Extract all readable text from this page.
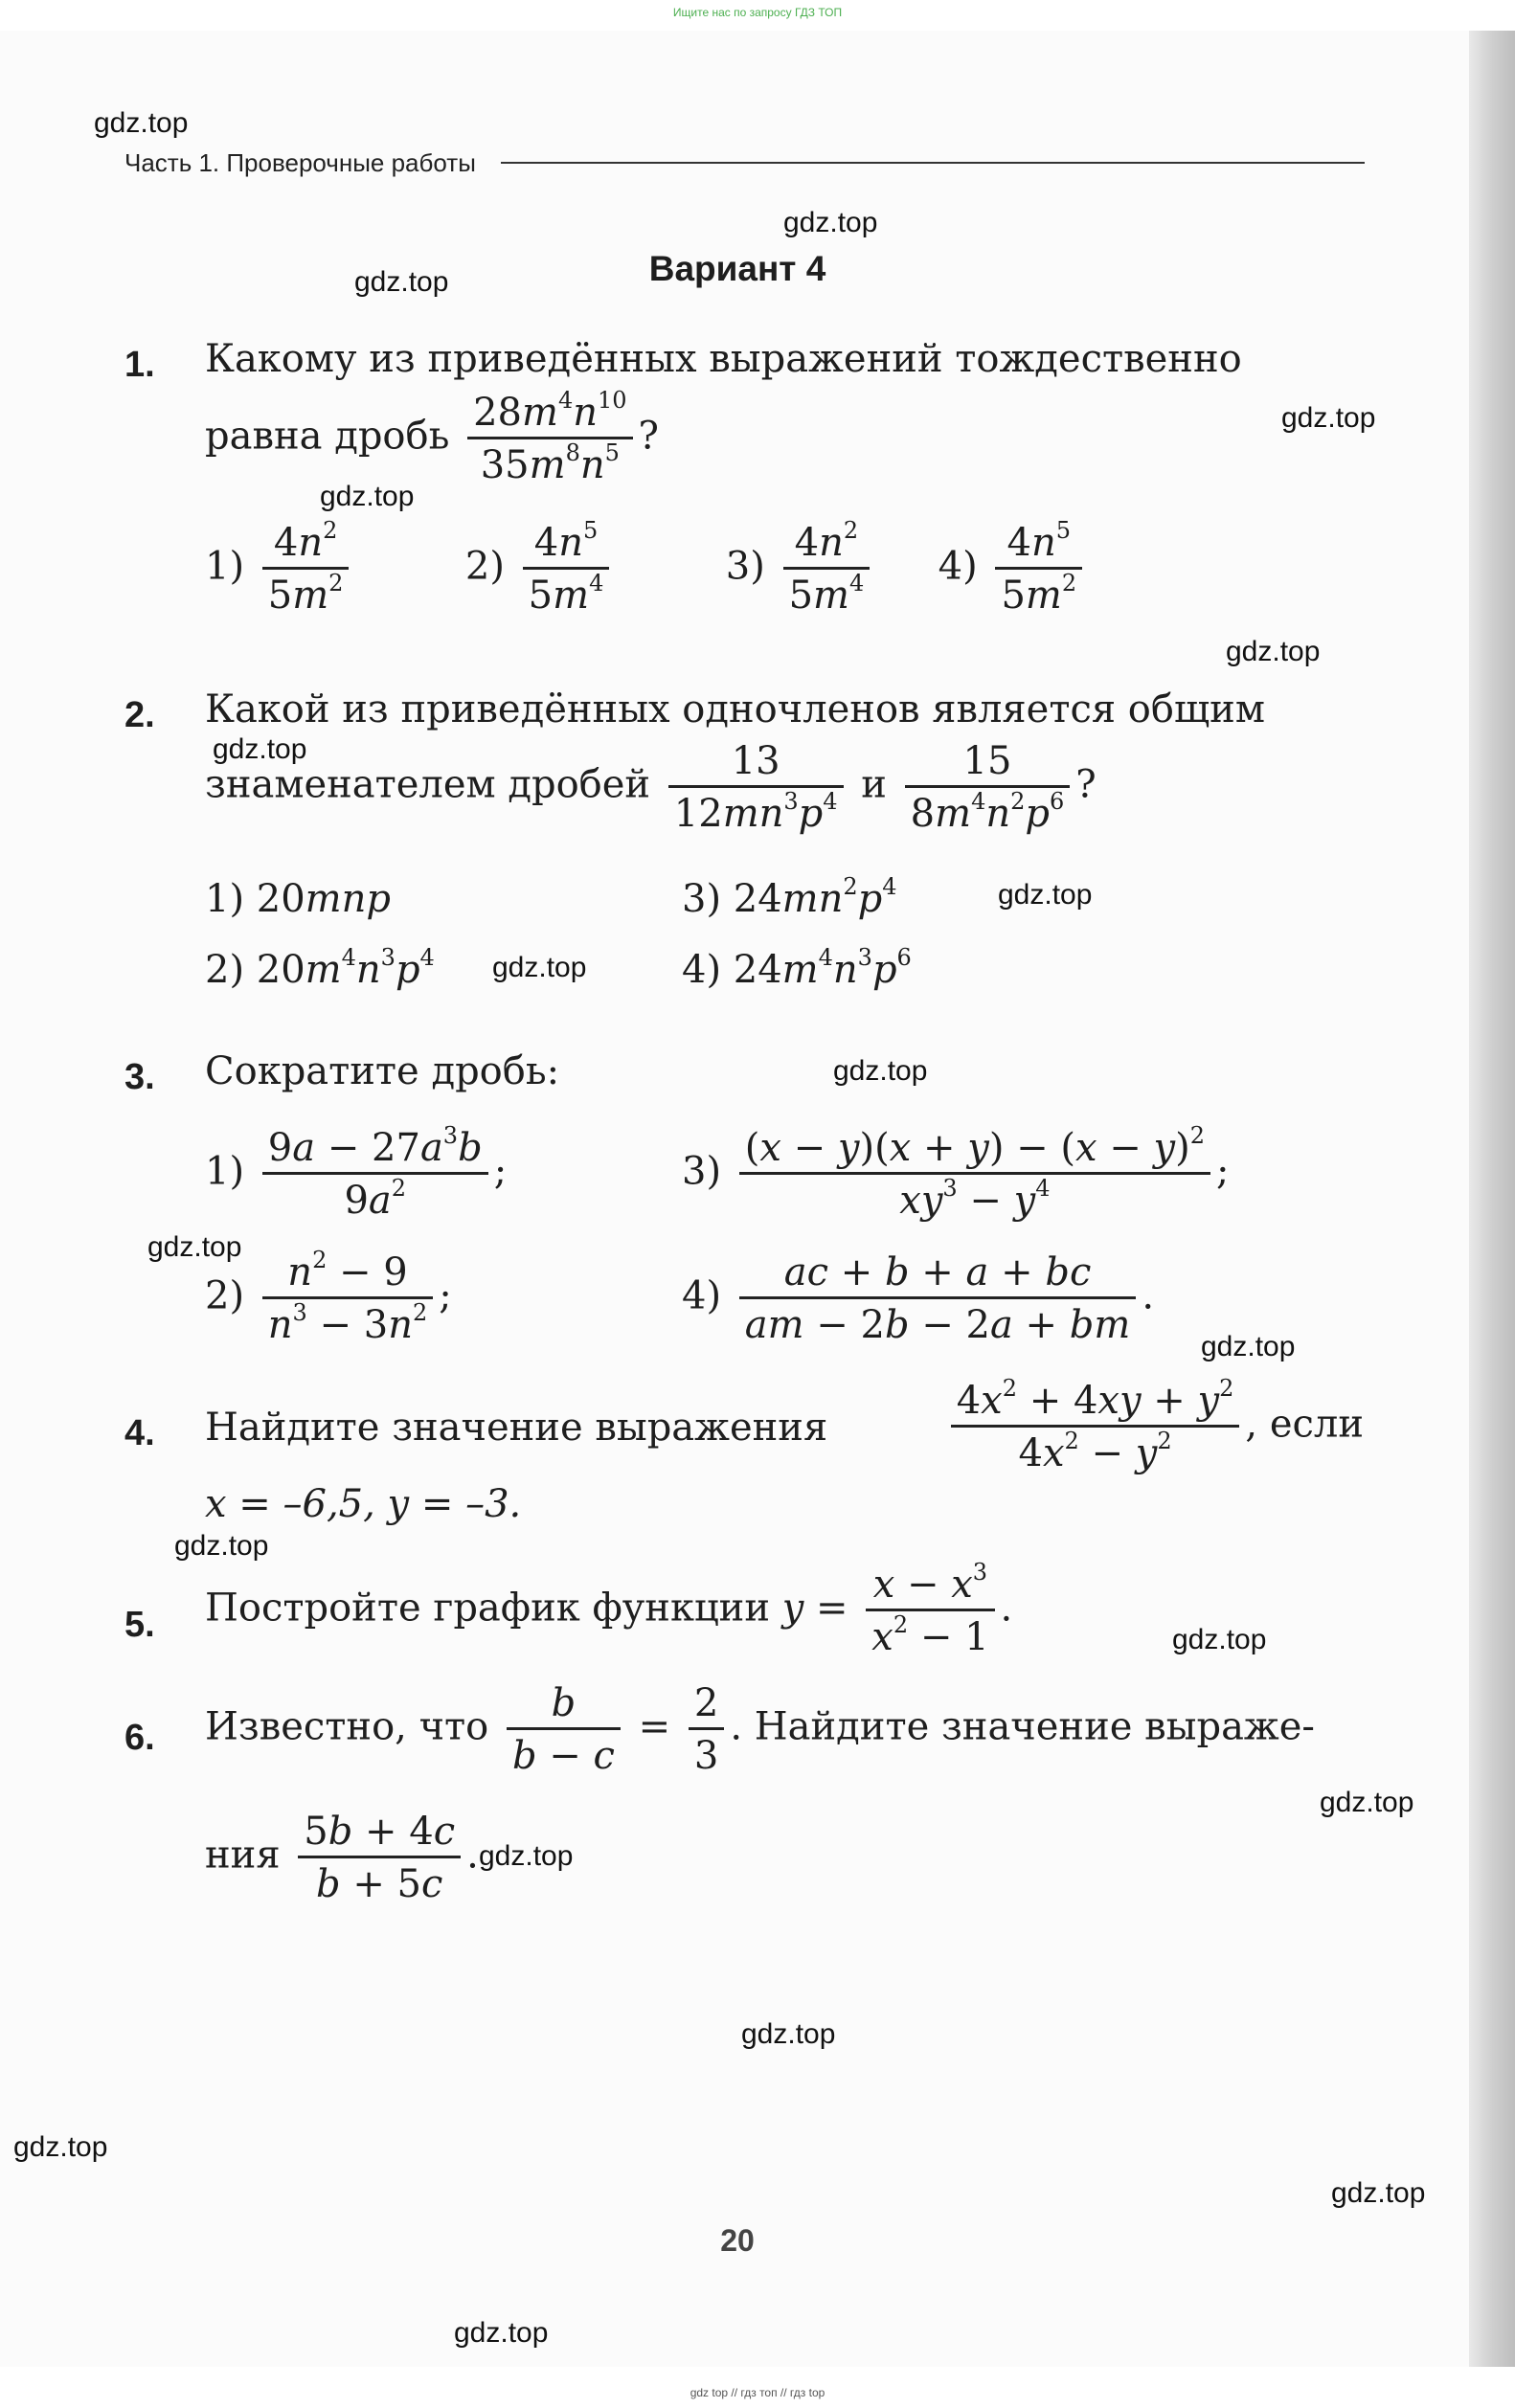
Ищите нас по запросу ГДЗ ТОП
gdz.top
gdz.top
gdz.top
gdz.top
gdz.top
gdz.top
gdz.top
gdz.top
gdz.top
gdz.top
gdz.top
gdz.top
gdz.top
gdz.top
gdz.top
gdz.top
gdz.top
gdz.top
gdz.top
gdz.top
Часть 1. Проверочные работы
Вариант 4
1. Какому из приведённых выражений тождественно
равна дробь $\frac{28m^4n^{10}}{35m^8n^5}$ ?
$1) \frac{4n^2}{5m^2}$	$2) \frac{4n^5}{5m^4}$	$3) \frac{4n^2}{5m^4} 4) \frac{4n^5}{5m^2}$
2. Какой из приведённых одночленов является общим
знаменателем дробей $\frac{13}{12mn^3p^4}$ и $\frac{15}{8m^4n^2p^6}$ ?
1) 20mnp	3) $24mn^2p^4$
2) $20m^4n^3p^4$	4) $24m^4n^3p^6$
3. Сократите дробь:
$1) \frac{9a - 27a^3b}{9a^2}$ ;	$3) \frac{(x - y)(x + y) - (x - y)^2}{xy^3 - y^4}$ ;
$2) \frac{n^2 - 9}{n^3 - 3n^2}$ ;	$4) \frac{ac + b + a + bc}{am - 2b - 2a + bm}$ .
4. Найдите значение выражения	$\frac{4x^2 + 4xy + y^2}{4x^2 - y^2}$ , если
x = –6,5, y = –3.
5. Постройте график функции $y = \frac{x - x^3}{x^2 - 1}$ .
6. Известно, что $\frac{b}{b - c} = \frac{2}{3}$ . Найдите значение выраже-
ния $\frac{5b + 4c}{b + 5c}$ .
20
gdz top // гдз топ // гдз top
